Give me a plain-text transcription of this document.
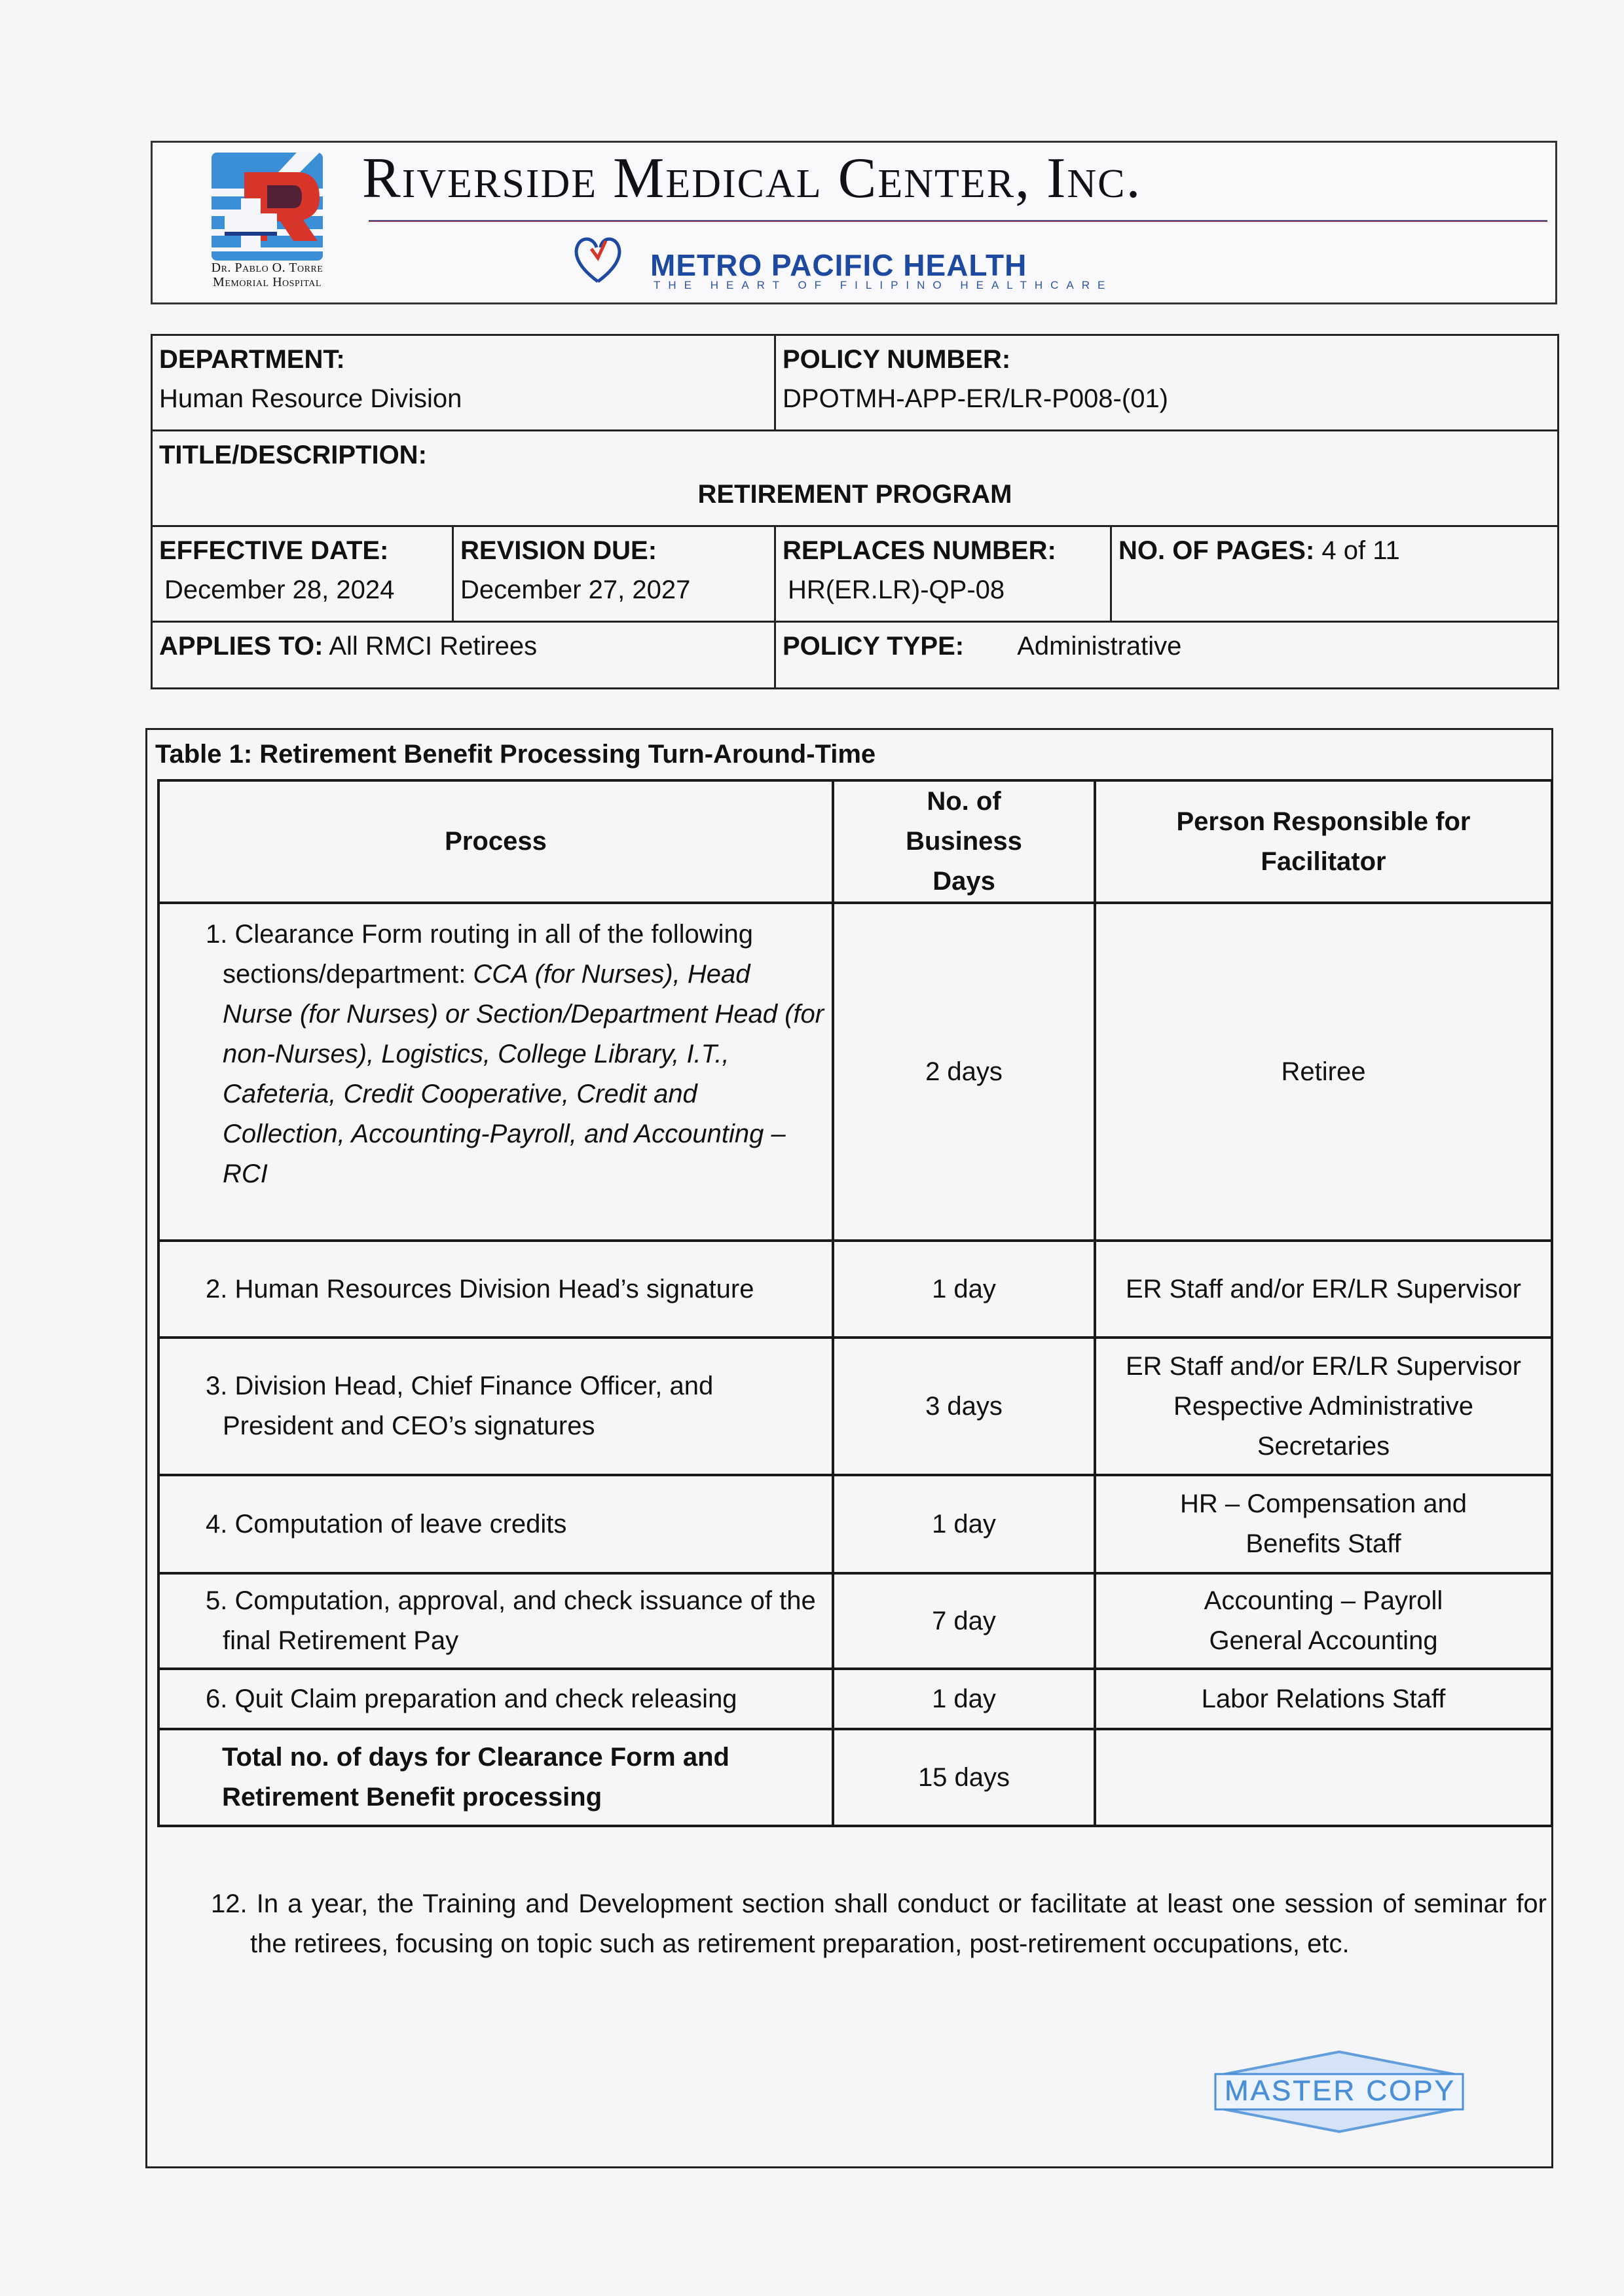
Dr. Pablo O. Torre
Memorial Hospital
Riverside Medical Center, Inc.
METRO PACIFIC HEALTH
THE HEART OF FILIPINO HEALTHCARE
DEPARTMENT:
Human Resource Division

POLICY NUMBER:
DPOTMH-APP-ER/LR-P008-(01)

TITLE/DESCRIPTION:
RETIREMENT PROGRAM			

EFFECTIVE DATE:
December 28, 2024

REVISION DUE:
December 27, 2027

REPLACES NUMBER:
HR(ER.LR)-QP-08
	NO. OF PAGES: 4 of 11
APPLIES TO: All RMCI Retirees		POLICY TYPE: Administrative	
Table 1: Retirement Benefit Processing Turn-Around-Time
Process	No. of Business Days	Person Responsible for Facilitator

1. Clearance Form routing in all of the following sections/department: CCA (for Nurses), Head Nurse (for Nurses) or Section/Department Head (for non-Nurses), Logistics, College Library, I.T., Cafeteria, Credit Cooperative, Credit and Collection, Accounting-Payroll, and Accounting – RCI	2 days	Retiree

2. Human Resources Division Head’s signature	1 day	ER Staff and/or ER/LR Supervisor

3. Division Head, Chief Finance Officer, and President and CEO’s signatures	3 days	ER Staff and/or ER/LR Supervisor
Respective Administrative Secretaries

4. Computation of leave credits	1 day	HR – Compensation and Benefits Staff

5. Computation, approval, and check issuance of the final Retirement Pay	7 day	Accounting – Payroll
General Accounting

6. Quit Claim preparation and check releasing	1 day	Labor Relations Staff
Total no. of days for Clearance Form and Retirement Benefit processing	15 days	
12. In a year, the Training and Development section shall conduct or facilitate at least one session of seminar for the retirees, focusing on topic such as retirement preparation, post-retirement occupations, etc.
MASTER COPY
